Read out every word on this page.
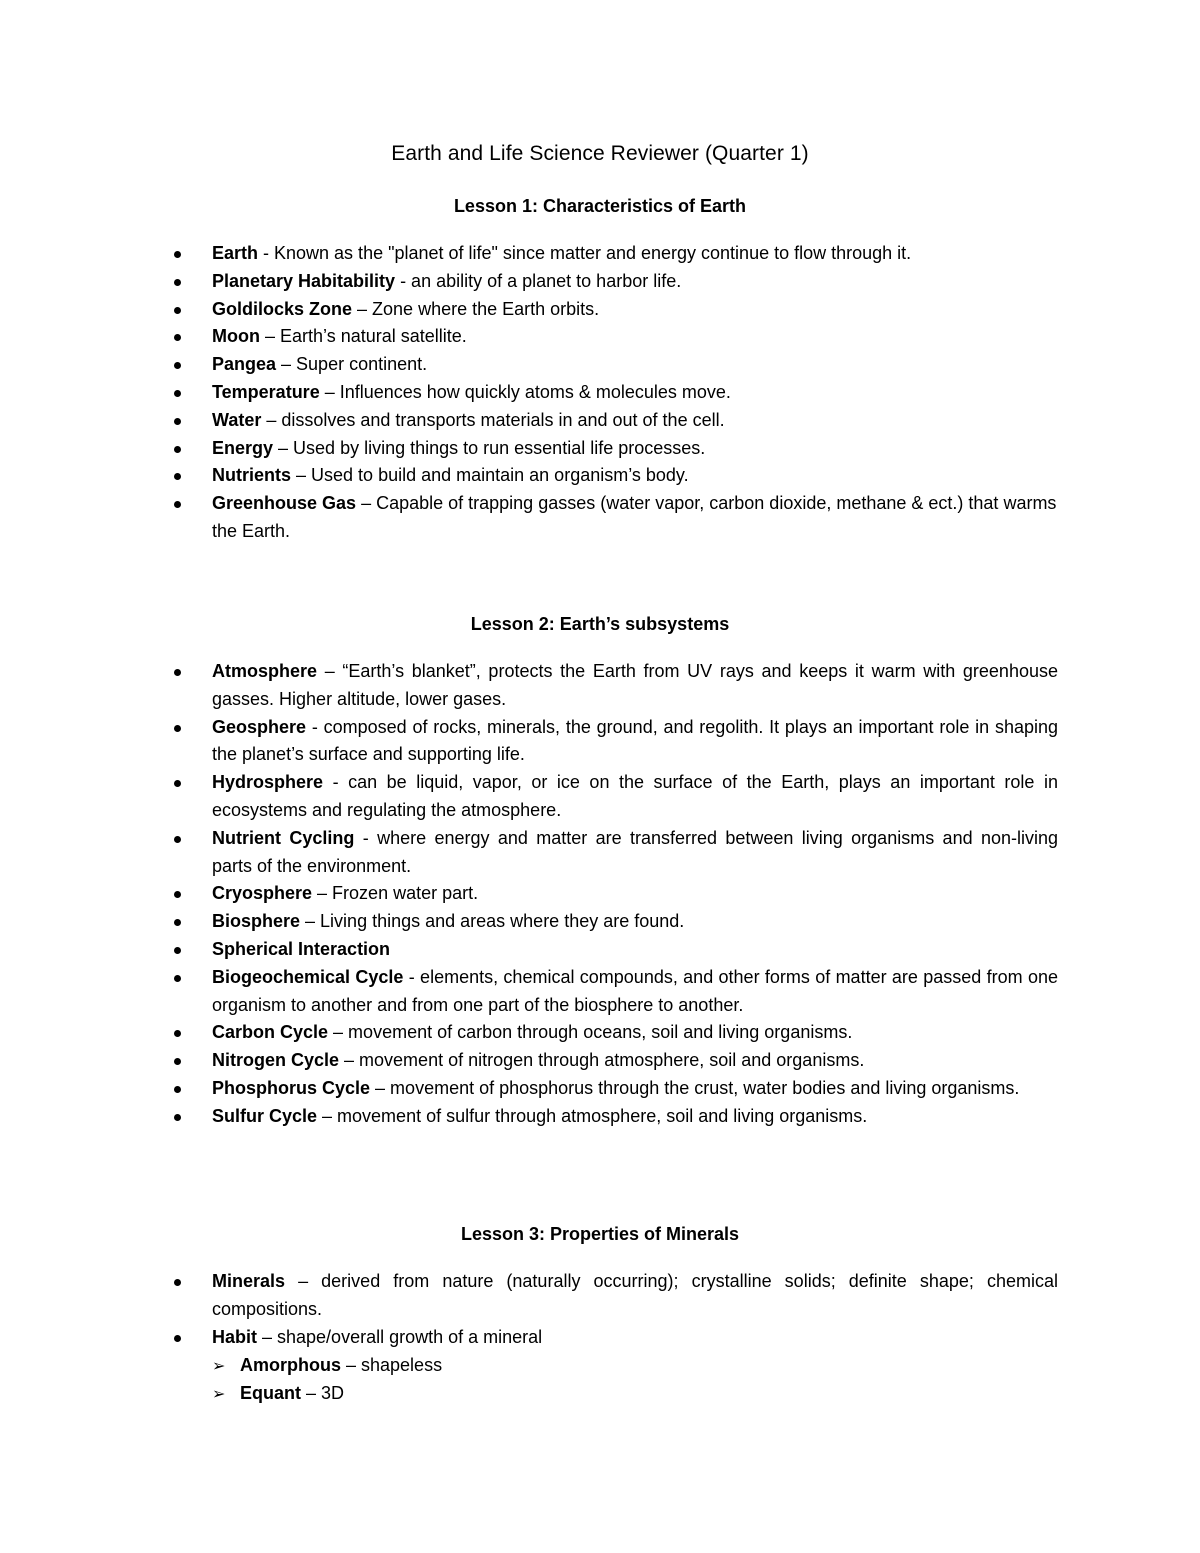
Earth and Life Science Reviewer (Quarter 1)
Lesson 1: Characteristics of Earth
Earth - Known as the "planet of life" since matter and energy continue to flow through it.
Planetary Habitability - an ability of a planet to harbor life.
Goldilocks Zone – Zone where the Earth orbits.
Moon – Earth’s natural satellite.
Pangea – Super continent.
Temperature – Influences how quickly atoms & molecules move.
Water – dissolves and transports materials in and out of the cell.
Energy – Used by living things to run essential life processes.
Nutrients – Used to build and maintain an organism’s body.
Greenhouse Gas – Capable of trapping gasses (water vapor, carbon dioxide, methane & ect.) that warms the Earth.
Lesson 2: Earth’s subsystems
Atmosphere – “Earth’s blanket”, protects the Earth from UV rays and keeps it warm with greenhouse gasses. Higher altitude, lower gases.
Geosphere - composed of rocks, minerals, the ground, and regolith. It plays an important role in shaping the planet’s surface and supporting life.
Hydrosphere - can be liquid, vapor, or ice on the surface of the Earth, plays an important role in ecosystems and regulating the atmosphere.
Nutrient Cycling - where energy and matter are transferred between living organisms and non-living parts of the environment.
Cryosphere – Frozen water part.
Biosphere – Living things and areas where they are found.
Spherical Interaction
Biogeochemical Cycle - elements, chemical compounds, and other forms of matter are passed from one organism to another and from one part of the biosphere to another.
Carbon Cycle – movement of carbon through oceans, soil and living organisms.
Nitrogen Cycle – movement of nitrogen through atmosphere, soil and organisms.
Phosphorus Cycle – movement of phosphorus through the crust, water bodies and living organisms.
Sulfur Cycle – movement of sulfur through atmosphere, soil and living organisms.
Lesson 3: Properties of Minerals
Minerals – derived from nature (naturally occurring); crystalline solids; definite shape; chemical compositions.
Habit – shape/overall growth of a mineral
➢ Amorphous – shapeless
➢ Equant – 3D
